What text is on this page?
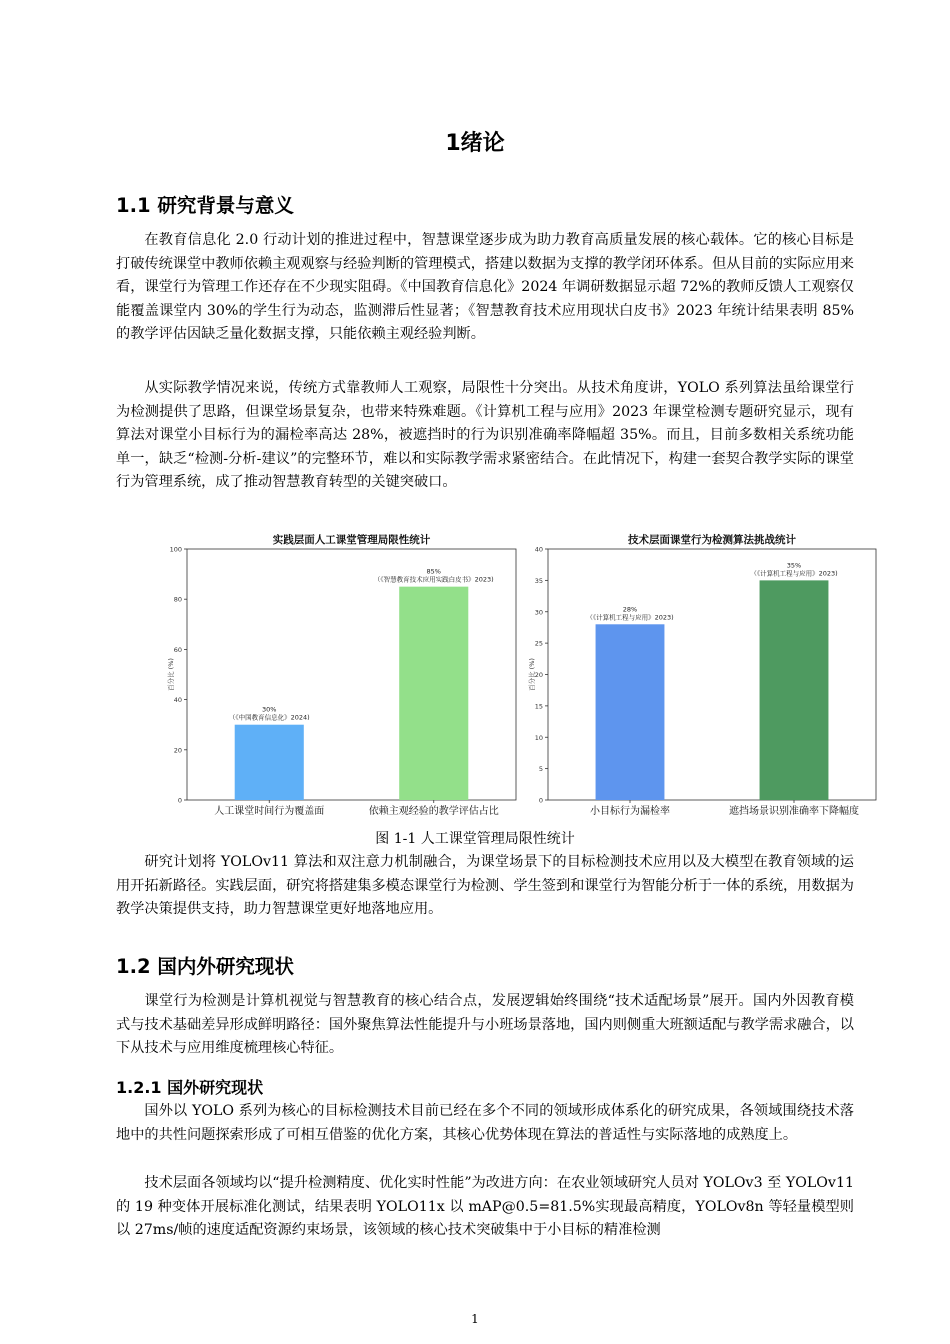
1绪论
1.1 研究背景与意义

在教育信息化 2.0 行动计划的推进过程中，智慧课堂逐步成为助力教育高质量发展的核心载体。它的核心目标是打破传统课堂中教师依赖主观观察与经验判断的管理模式，搭建以数据为支撑的教学闭环体系。但从目前的实际应用来看，课堂行为管理工作还存在不少现实阻碍。《中国教育信息化》2024 年调研数据显示超 72%的教师反馈人工观察仅能覆盖课堂内 30%的学生行为动态，监测滞后性显著；《智慧教育技术应用现状白皮书》2023 年统计结果表明 85%的教学评估因缺乏量化数据支撑，只能依赖主观经验判断。

从实际教学情况来说，传统方式靠教师人工观察，局限性十分突出。从技术角度讲，YOLO 系列算法虽给课堂行为检测提供了思路，但课堂场景复杂，也带来特殊难题。《计算机工程与应用》2023 年课堂检测专题研究显示，现有算法对课堂小目标行为的漏检率高达 28%，被遮挡时的行为识别准确率降幅超 35%。而且，目前多数相关系统功能单一，缺乏“检测-分析-建议”的完整环节，难以和实际教学需求紧密结合。在此情况下，构建一套契合教学实际的课堂行为管理系统，成了推动智慧教育转型的关键突破口。

实践层面人工课堂管理局限性统计
0
20
40
60
80
100
百分比 (%)
30%
（《中国教育信息化》2024)
人工课堂时间行为覆盖面
85%
（《智慧教育技术应用实践白皮书》2023)
依赖主观经验的教学评估占比
技术层面课堂行为检测算法挑战统计
0
5
10
15
20
25
30
35
40
百分比 (%)
28%
（《计算机工程与应用》2023)
小目标行为漏检率
35%
（《计算机工程与应用》2023)
遮挡场景识别准确率下降幅度
图 1-1 人工课堂管理局限性统计

研究计划将 YOLOv11 算法和双注意力机制融合，为课堂场景下的目标检测技术应用以及大模型在教育领域的运用开拓新路径。实践层面，研究将搭建集多模态课堂行为检测、学生签到和课堂行为智能分析于一体的系统，用数据为教学决策提供支持，助力智慧课堂更好地落地应用。

1.2 国内外研究现状

课堂行为检测是计算机视觉与智慧教育的核心结合点，发展逻辑始终围绕“技术适配场景”展开。国内外因教育模式与技术基础差异形成鲜明路径：国外聚焦算法性能提升与小班场景落地，国内则侧重大班额适配与教学需求融合，以下从技术与应用维度梳理核心特征。

1.2.1 国外研究现状

国外以 YOLO 系列为核心的目标检测技术目前已经在多个不同的领域形成体系化的研究成果，各领域围绕技术落地中的共性问题探索形成了可相互借鉴的优化方案，其核心优势体现在算法的普适性与实际落地的成熟度上。

技术层面各领域均以“提升检测精度、优化实时性能”为改进方向：在农业领域研究人员对 YOLOv3 至 YOLOv11 的 19 种变体开展标准化测试，结果表明 YOLO11x 以 mAP@0.5=81.5%实现最高精度，YOLOv8n 等轻量模型则以 27ms/帧的速度适配资源约束场景，该领域的核心技术突破集中于小目标的精准检测

1
